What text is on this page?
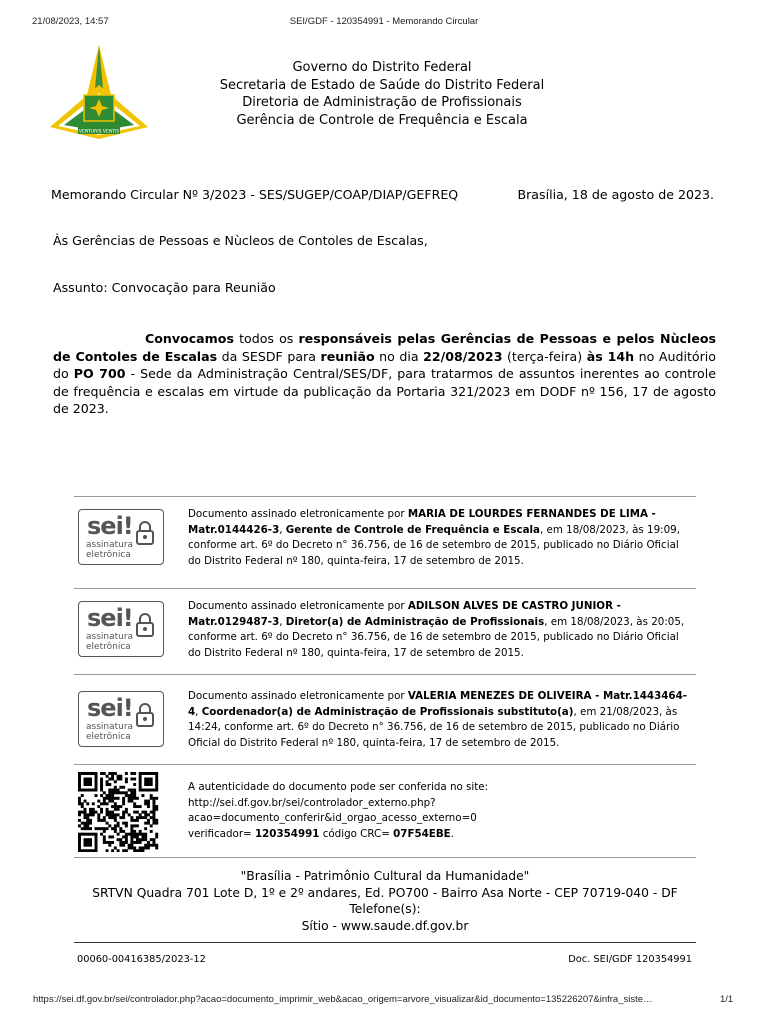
21/08/2023, 14:57	SEI/GDF - 120354991 - Memorando Circular
VENTURIS VENTIS
Governo do Distrito Federal
Secretaria de Estado de Saúde do Distrito Federal
Diretoria de Administração de Profissionais
Gerência de Controle de Frequência e Escala
Memorando Circular Nº 3/2023 - SES/SUGEP/COAP/DIAP/GEFREQ	Brasília, 18 de agosto de 2023.
Às Gerências de Pessoas e Nùcleos de Contoles de Escalas,
Assunto: Convocação para Reunião
Convocamos todos os responsáveis pelas Gerências de Pessoas e pelos Nùcleos de Contoles de Escalas da SESDF para reunião no dia 22/08/2023 (terça-feira) às 14h no Auditório do PO 700 - Sede da Administração Central/SES/DF, para tratarmos de assuntos inerentes ao controle de frequência e escalas em virtude da publicação da Portaria 321/2023 em DODF nº 156, 17 de agosto de 2023.
sei!
assinatura
eletrônica
Documento assinado eletronicamente por MARIA DE LOURDES FERNANDES DE LIMA - Matr.0144426-3, Gerente de Controle de Frequência e Escala, em 18/08/2023, às 19:09, conforme art. 6º do Decreto n° 36.756, de 16 de setembro de 2015, publicado no Diário Oficial do Distrito Federal nº 180, quinta-feira, 17 de setembro de 2015.
sei!
assinatura
eletrônica
Documento assinado eletronicamente por ADILSON ALVES DE CASTRO JUNIOR - Matr.0129487-3, Diretor(a) de Administração de Profissionais, em 18/08/2023, às 20:05, conforme art. 6º do Decreto n° 36.756, de 16 de setembro de 2015, publicado no Diário Oficial do Distrito Federal nº 180, quinta-feira, 17 de setembro de 2015.
sei!
assinatura
eletrônica
Documento assinado eletronicamente por VALERIA MENEZES DE OLIVEIRA - Matr.1443464-4, Coordenador(a) de Administração de Profissionais substituto(a), em 21/08/2023, às 14:24, conforme art. 6º do Decreto n° 36.756, de 16 de setembro de 2015, publicado no Diário Oficial do Distrito Federal nº 180, quinta-feira, 17 de setembro de 2015.
A autenticidade do documento pode ser conferida no site:
http://sei.df.gov.br/sei/controlador_externo.php?
acao=documento_conferir&id_orgao_acesso_externo=0
verificador= 120354991 código CRC= 07F54EBE.
"Brasília - Patrimônio Cultural da Humanidade"
SRTVN Quadra 701 Lote D, 1º e 2º andares, Ed. PO700 - Bairro Asa Norte - CEP 70719-040 - DF
Telefone(s):
Sítio - www.saude.df.gov.br
00060-00416385/2023-12	Doc. SEI/GDF 120354991
https://sei.df.gov.br/sei/controlador.php?acao=documento_imprimir_web&acao_origem=arvore_visualizar&id_documento=135226207&infra_siste…	1/1
